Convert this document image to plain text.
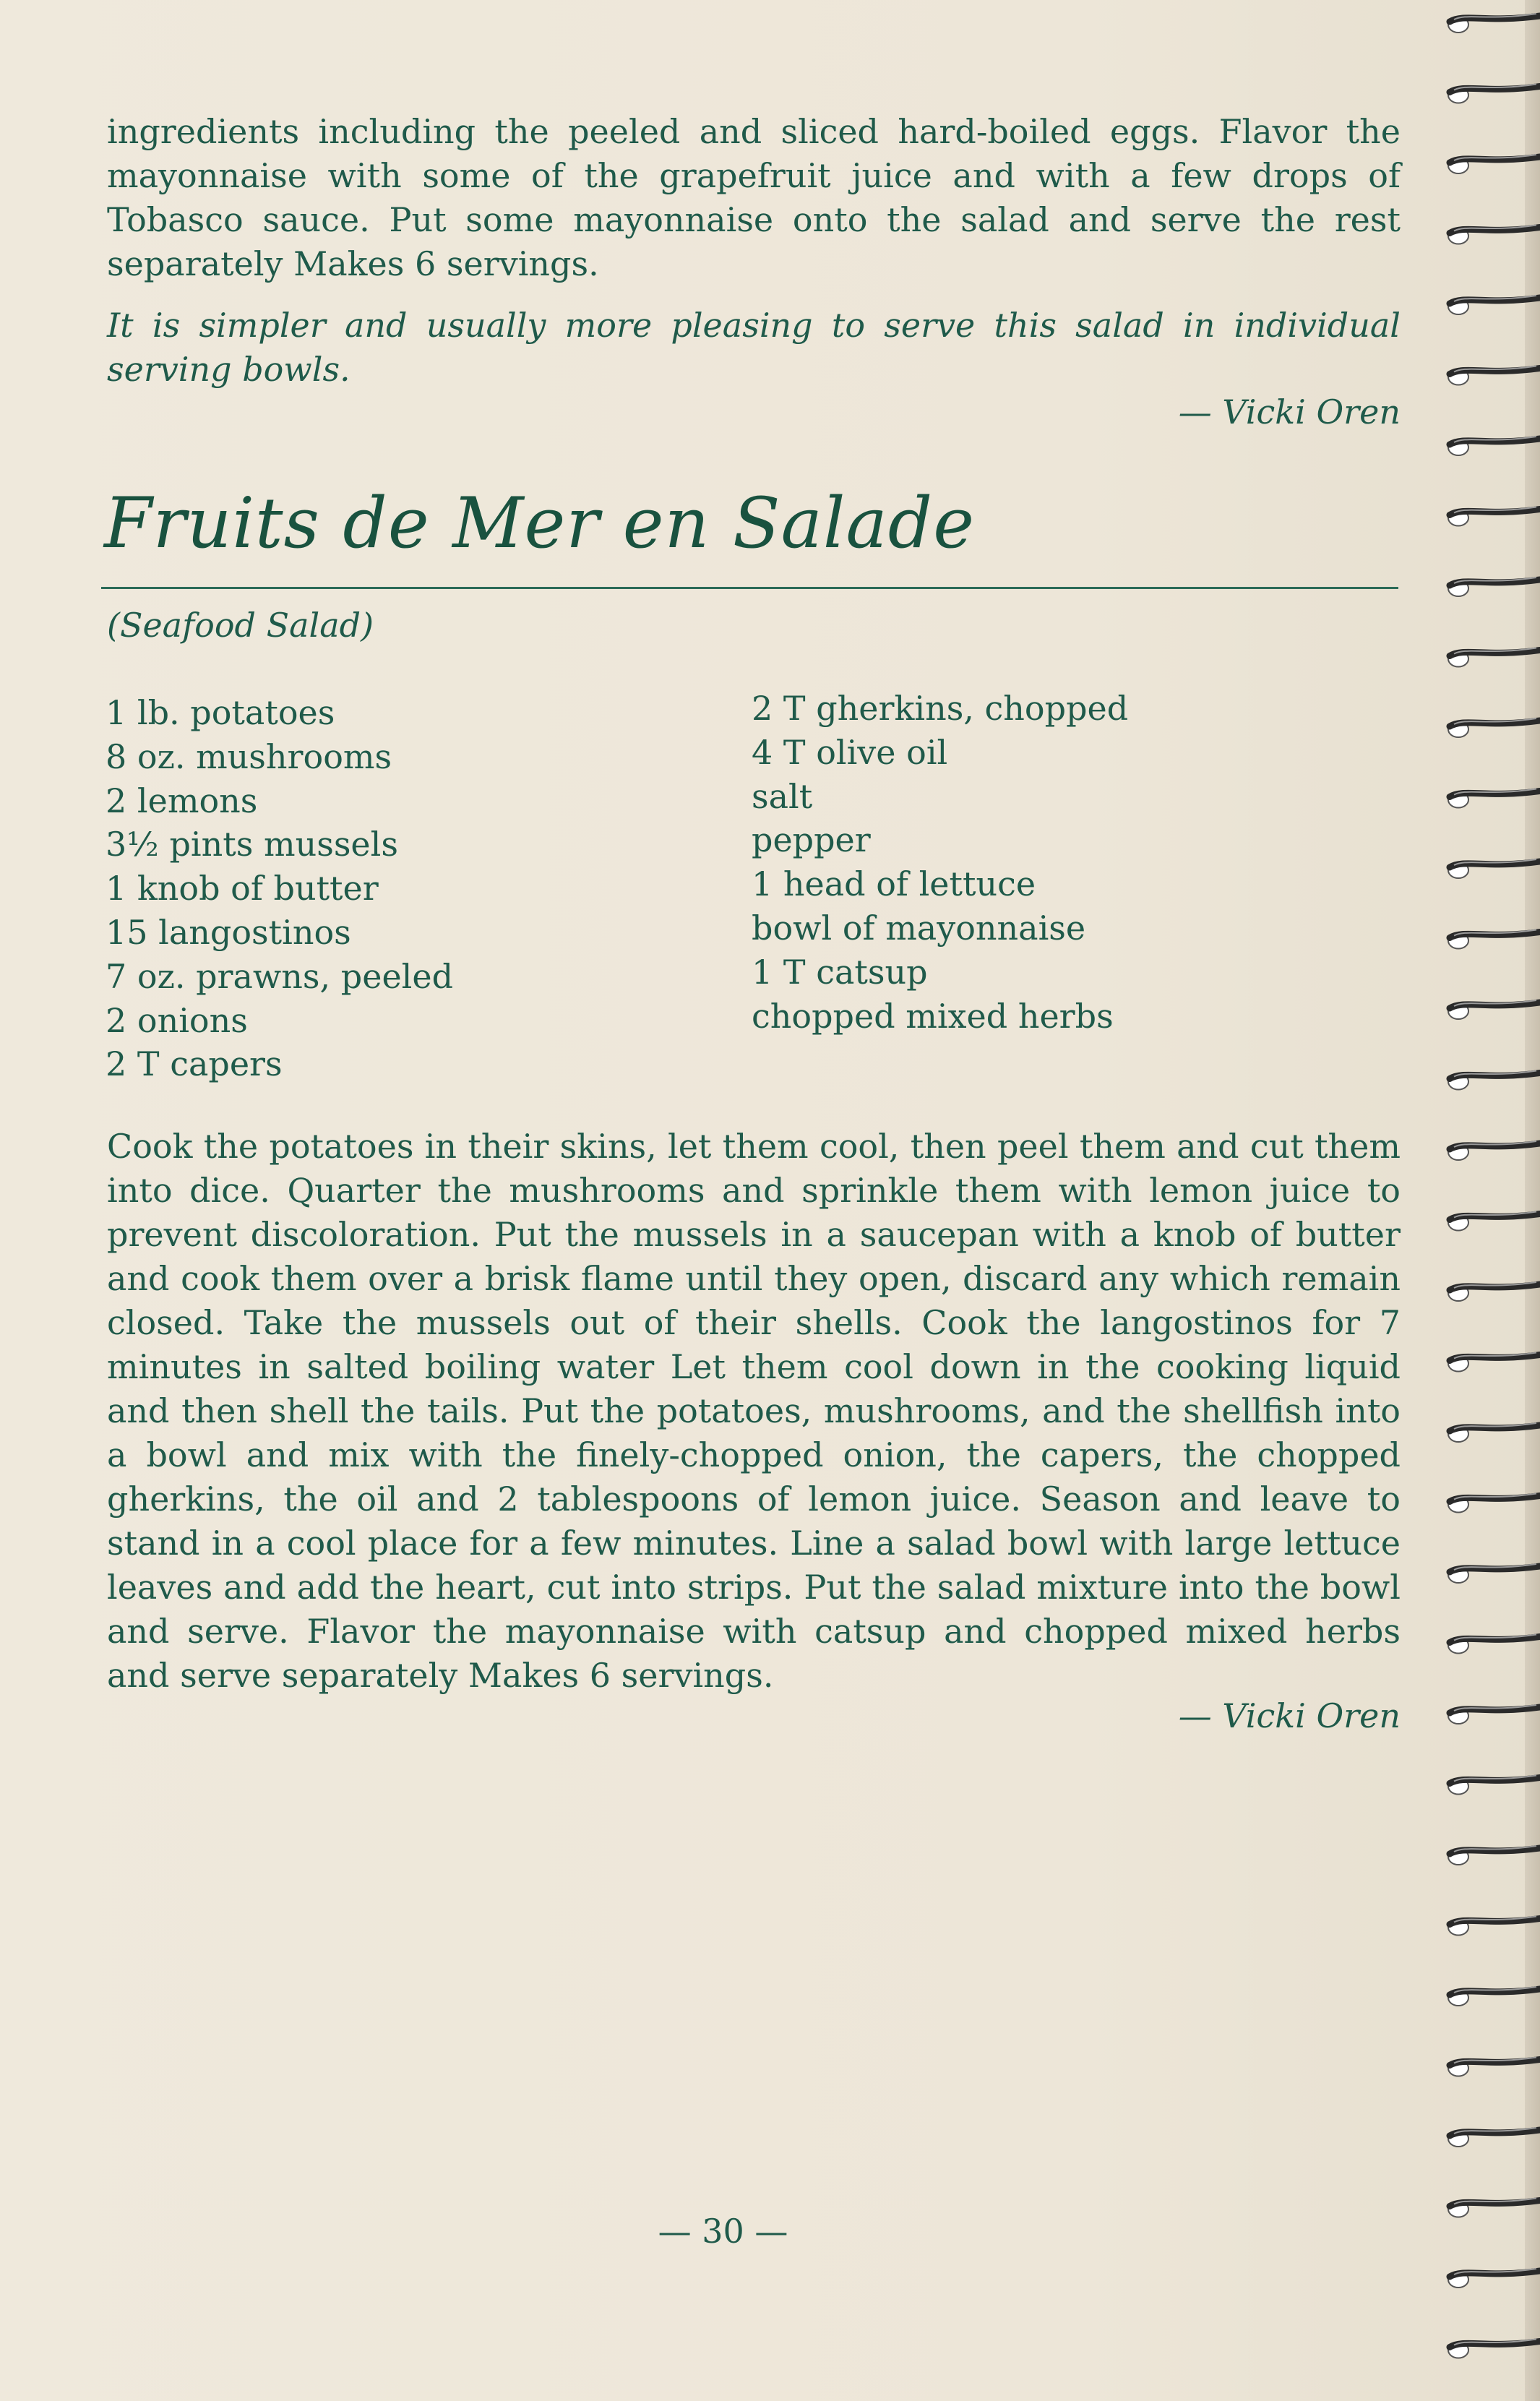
ingredients including the peeled and sliced hard-boiled eggs. Flavor the mayonnaise with some of the grapefruit juice and with a few drops of Tobasco sauce. Put some mayonnaise onto the salad and serve the rest separately Makes 6 servings.

It is simpler and usually more pleasing to serve this salad in individual serving bowls.

— Vicki Oren
Fruits de Mer en Salade
(Seafood Salad)
1 lb. potatoes
8 oz. mushrooms
2 lemons
3½ pints mussels
1 knob of butter
15 langostinos
7 oz. prawns, peeled
2 onions
2 T capers
2 T gherkins, chopped
4 T olive oil
salt
pepper
1 head of lettuce
bowl of mayonnaise
1 T catsup
chopped mixed herbs

Cook the potatoes in their skins, let them cool, then peel them and cut them into dice. Quarter the mushrooms and sprinkle them with lemon juice to prevent discoloration. Put the mussels in a saucepan with a knob of butter and cook them over a brisk flame until they open, discard any which remain closed. Take the mussels out of their shells. Cook the langostinos for 7 minutes in salted boiling water Let them cool down in the cooking liquid and then shell the tails. Put the potatoes, mushrooms, and the shellfish into a bowl and mix with the finely-chopped onion, the capers, the chopped gherkins, the oil and 2 tablespoons of lemon juice. Season and leave to stand in a cool place for a few minutes. Line a salad bowl with large lettuce leaves and add the heart, cut into strips. Put the salad mixture into the bowl and serve. Flavor the mayonnaise with catsup and chopped mixed herbs and serve separately Makes 6 servings.

— Vicki Oren
— 30 —
